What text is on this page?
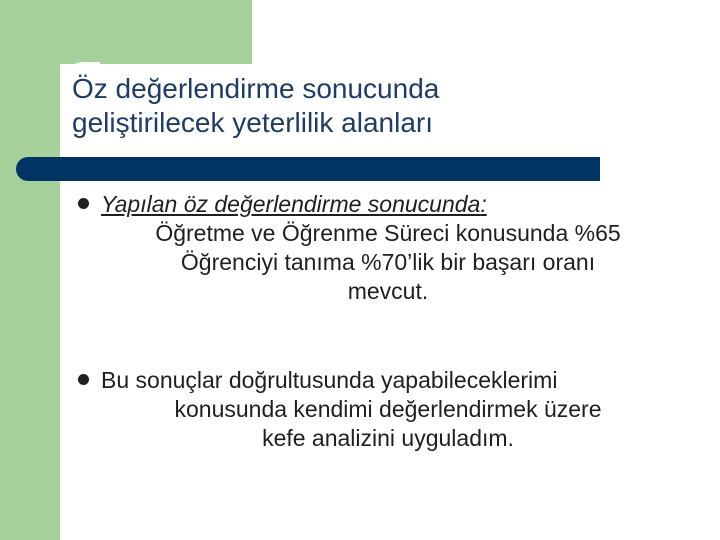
Öz değerlendirme sonucunda
geliştirilecek yeterlilik alanları
Yapılan öz değerlendirme sonucunda:
Öğretme ve Öğrenme Süreci konusunda %65
Öğrenciyi tanıma %70’lik bir başarı oranı
mevcut.
Bu sonuçlar doğrultusunda yapabileceklerimi
konusunda kendimi değerlendirmek üzere
kefe analizini uyguladım.
